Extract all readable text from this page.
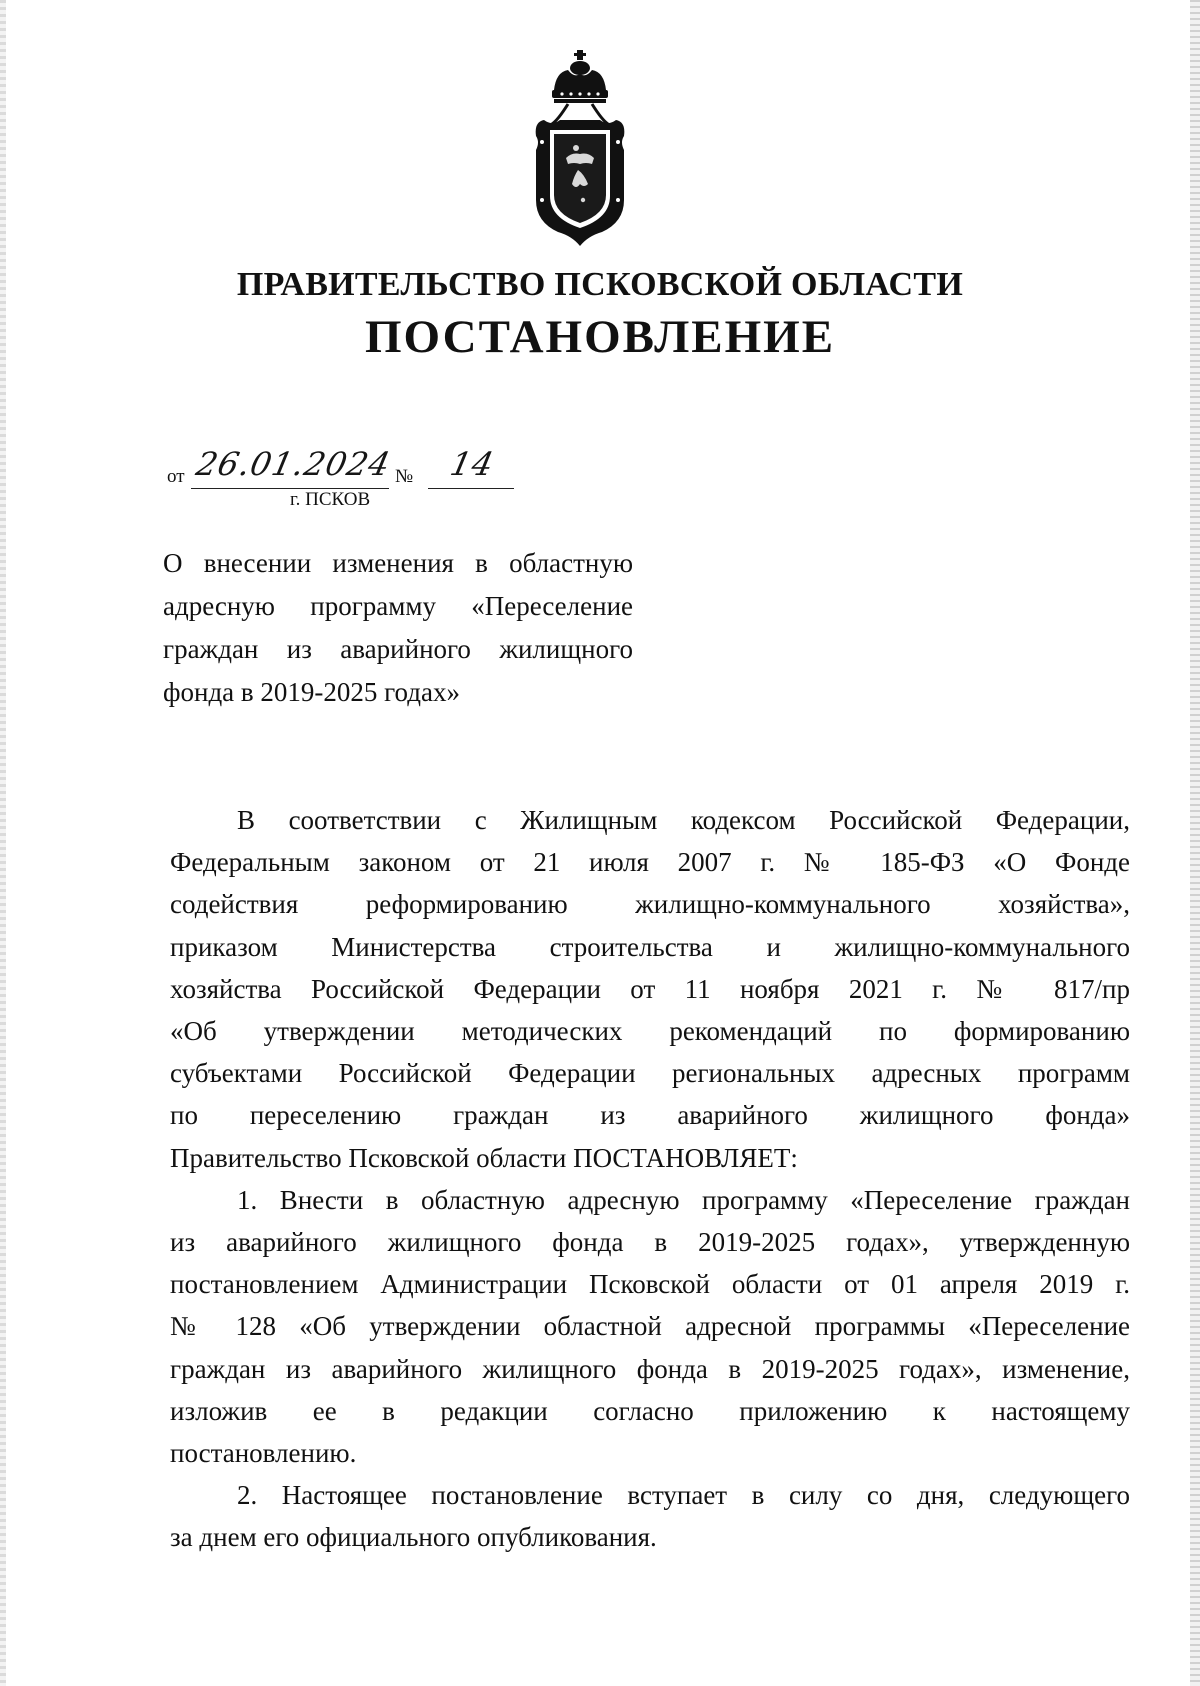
ПРАВИТЕЛЬСТВО ПСКОВСКОЙ ОБЛАСТИ
ПОСТАНОВЛЕНИЕ
от 26.01.2024 № 14
г. ПСКОВ
О внесении изменения в областную
адресную программу «Переселение
граждан из аварийного жилищного
фонда в 2019-2025 годах»
В соответствии с Жилищным кодексом Российской Федерации,
Федеральным законом от 21 июля 2007 г. № 185-ФЗ «О Фонде
содействия реформированию жилищно-коммунального хозяйства»,
приказом Министерства строительства и жилищно-коммунального
хозяйства Российской Федерации от 11 ноября 2021 г. № 817/пр
«Об утверждении методических рекомендаций по формированию
субъектами Российской Федерации региональных адресных программ
по переселению граждан из аварийного жилищного фонда»
Правительство Псковской области ПОСТАНОВЛЯЕТ:
1. Внести в областную адресную программу «Переселение граждан
из аварийного жилищного фонда в 2019-2025 годах», утвержденную
постановлением Администрации Псковской области от 01 апреля 2019 г.
№ 128 «Об утверждении областной адресной программы «Переселение
граждан из аварийного жилищного фонда в 2019-2025 годах», изменение,
изложив ее в редакции согласно приложению к настоящему
постановлению.
2. Настоящее постановление вступает в силу со дня, следующего
за днем его официального опубликования.
